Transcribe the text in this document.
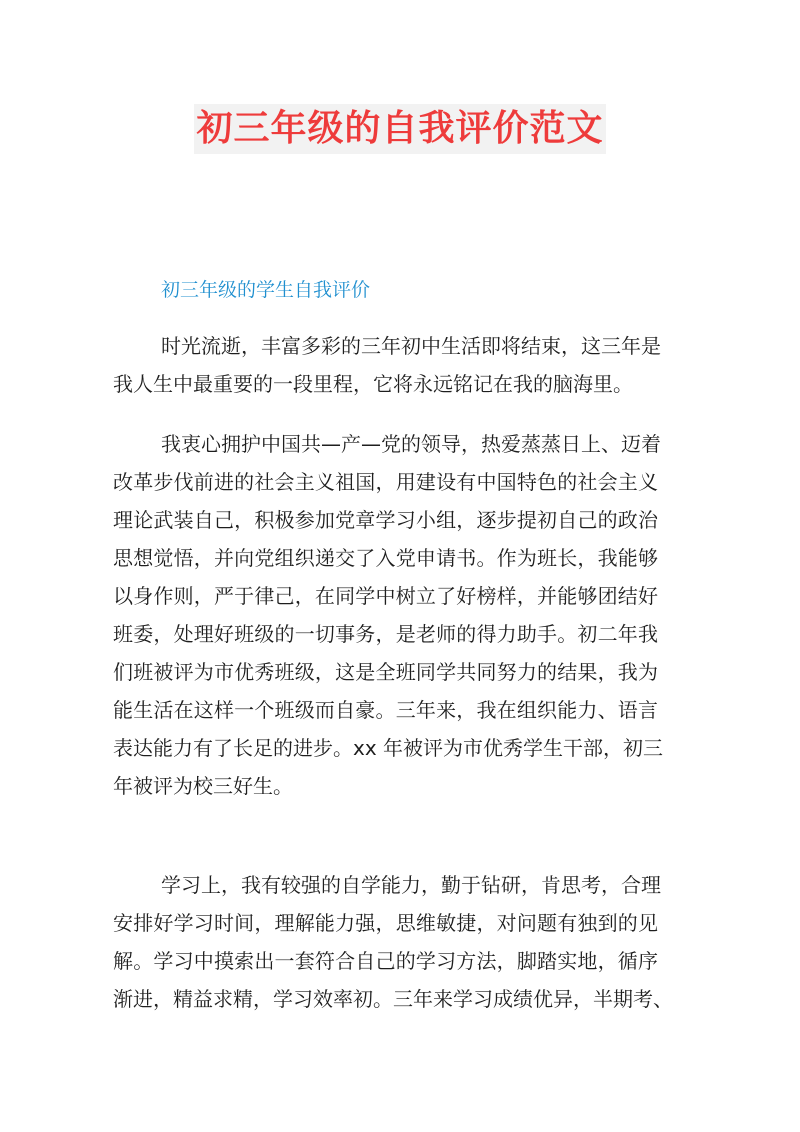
初三年级的自我评价范文
初三年级的学生自我评价

时光流逝，丰富多彩的三年初中生活即将结束，这三年是
我人生中最重要的一段里程，它将永远铭记在我的脑海里。

我衷心拥护中国共—产—党的领导，热爱蒸蒸日上、迈着
改革步伐前进的社会主义祖国，用建设有中国特色的社会主义
理论武装自己，积极参加党章学习小组，逐步提初自己的政治
思想觉悟，并向党组织递交了入党申请书。作为班长，我能够
以身作则，严于律己，在同学中树立了好榜样，并能够团结好
班委，处理好班级的一切事务，是老师的得力助手。初二年我
们班被评为市优秀班级，这是全班同学共同努力的结果，我为
能生活在这样一个班级而自豪。三年来，我在组织能力、语言
表达能力有了长足的进步。xx 年被评为市优秀学生干部，初三
年被评为校三好生。

学习上，我有较强的自学能力，勤于钻研，肯思考，合理
安排好学习时间，理解能力强，思维敏捷，对问题有独到的见
解。学习中摸索出一套符合自己的学习方法，脚踏实地，循序
渐进，精益求精，学习效率初。三年来学习成绩优异，半期考、
